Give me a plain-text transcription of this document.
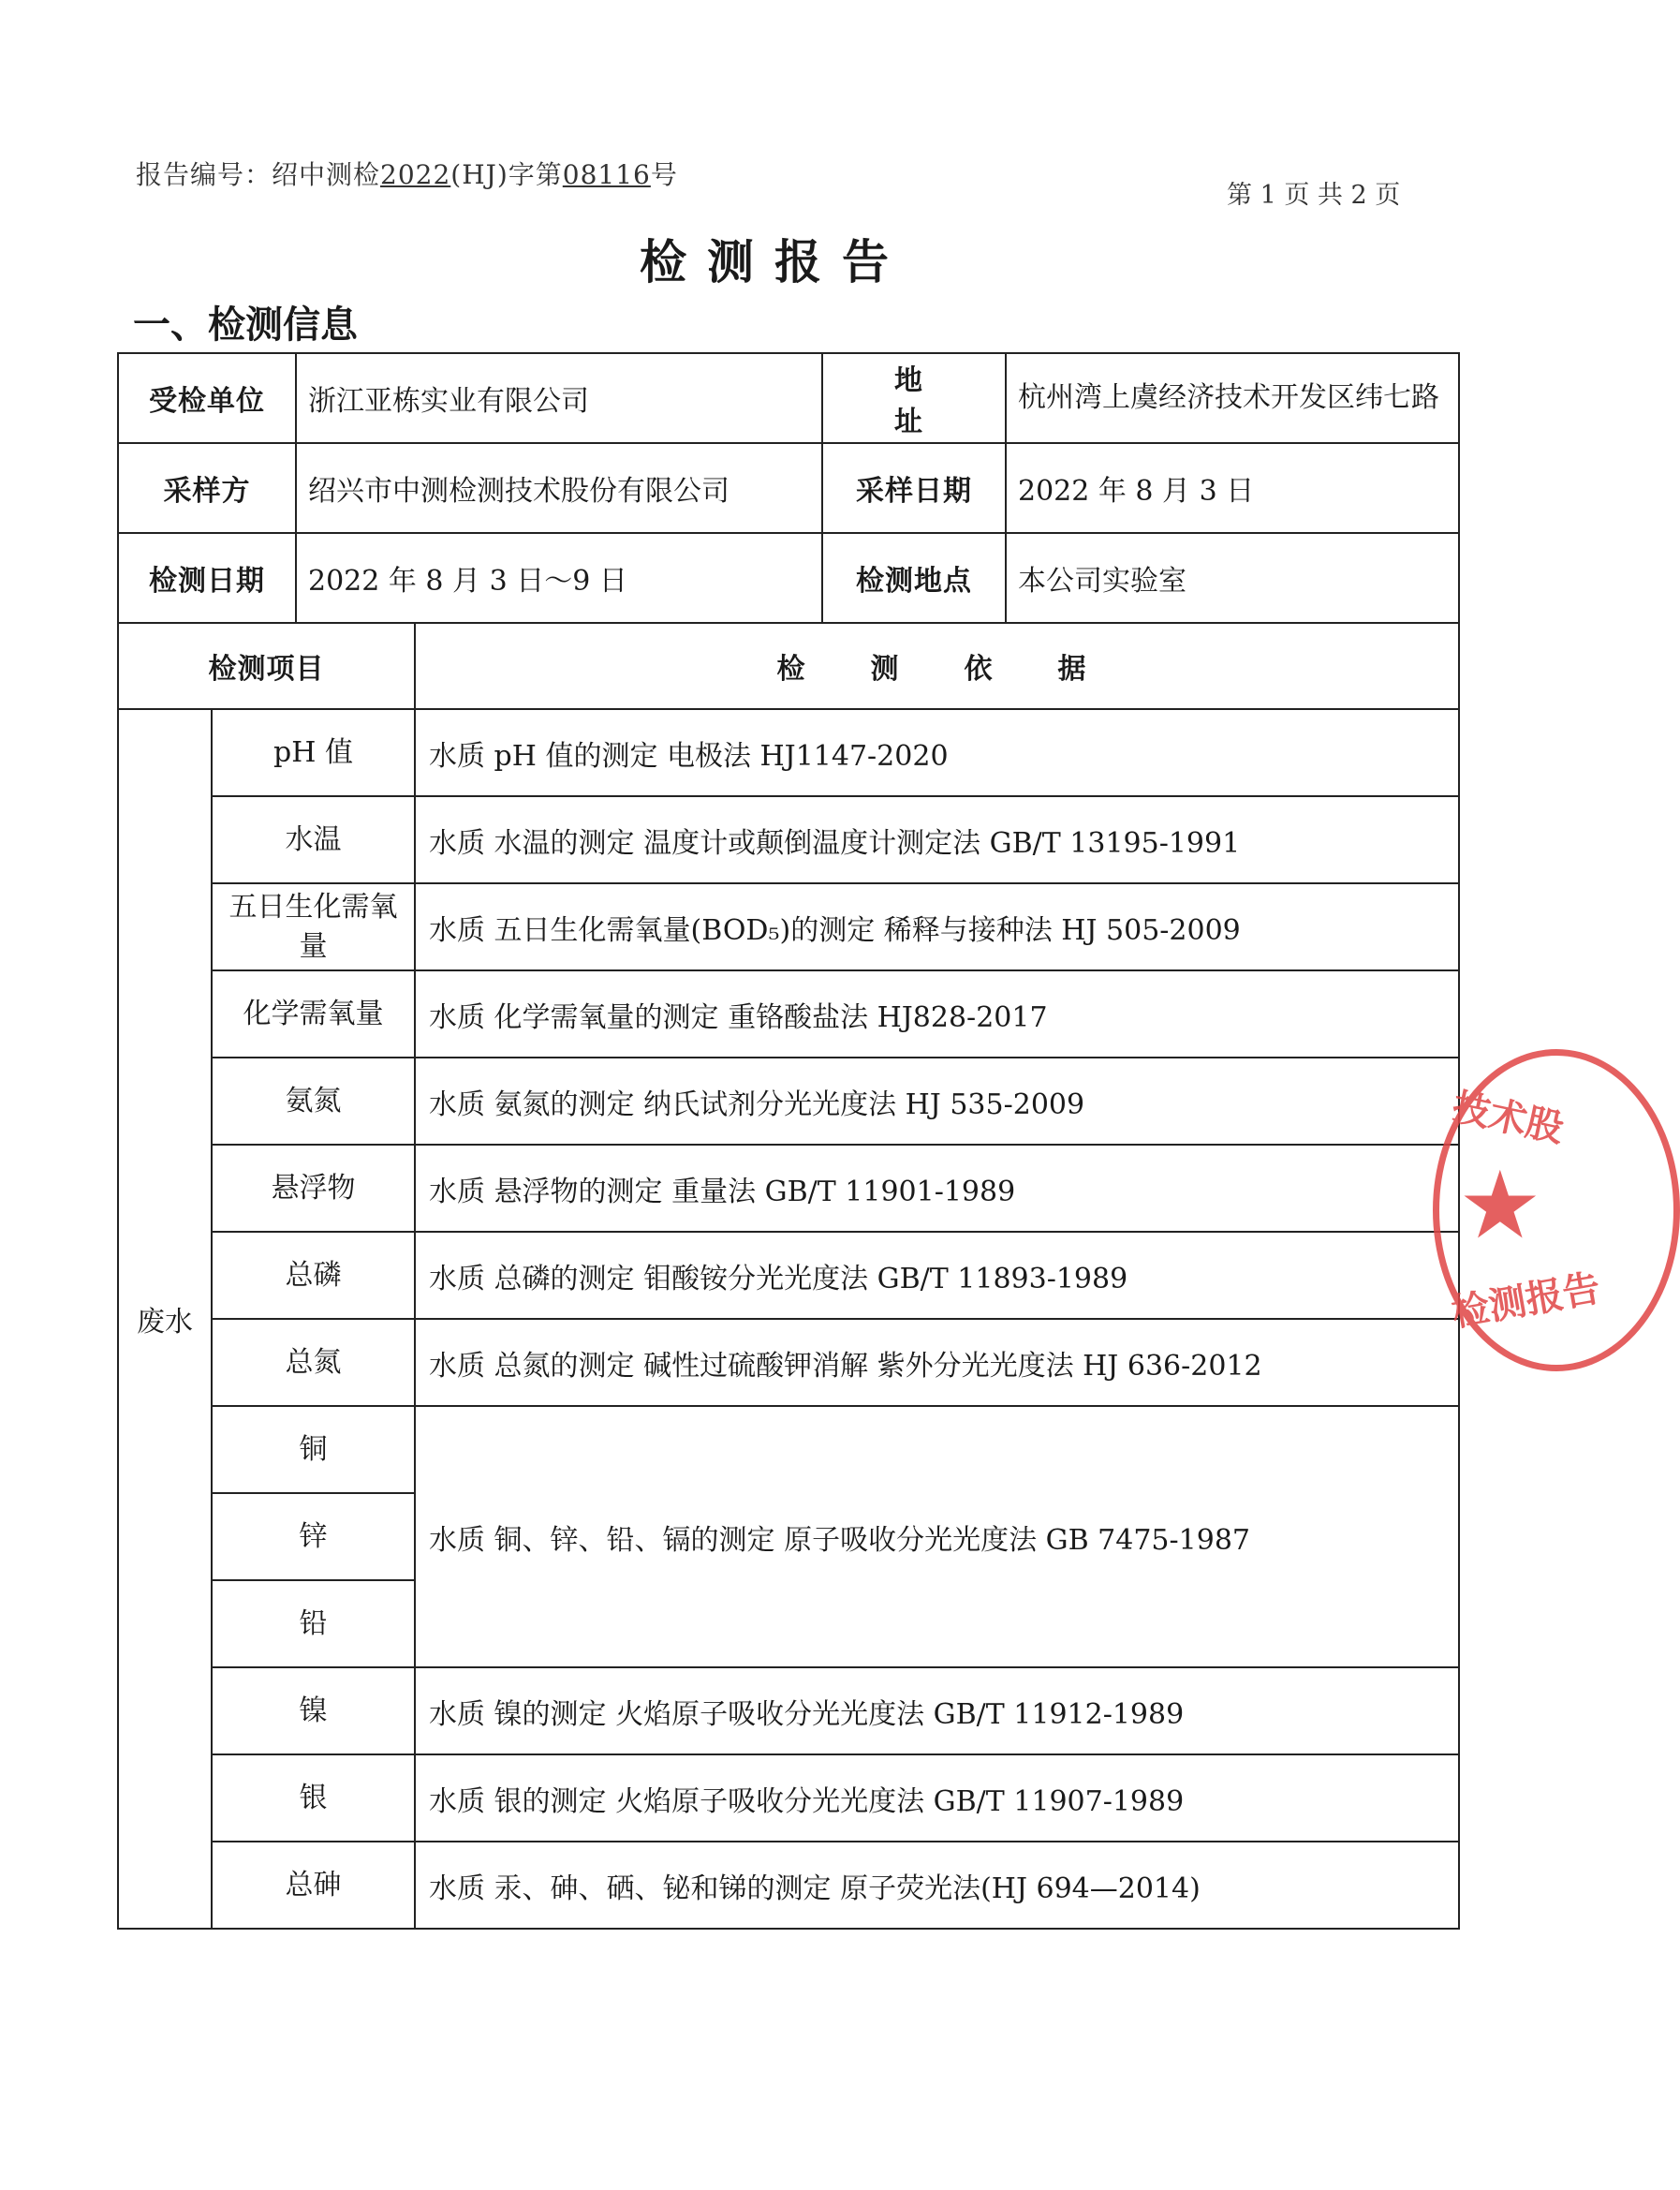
报告编号：绍中测检2022(HJ)字第08116号
第 1 页 共 2 页
检测报告
一、检测信息
受检单位	浙江亚栋实业有限公司	地 址	杭州湾上虞经济技术开发区纬七路
采样方	绍兴市中测检测技术股份有限公司	采样日期	2022 年 8 月 3 日
检测日期	2022 年 8 月 3 日～9 日	检测地点	本公司实验室
检测项目		检测依据
废水	pH 值	水质 pH 值的测定 电极法 HJ1147-2020
	水温	水质 水温的测定 温度计或颠倒温度计测定法 GB/T 13195-1991
	五日生化需氧量	水质 五日生化需氧量(BOD₅)的测定 稀释与接种法 HJ 505-2009
	化学需氧量	水质 化学需氧量的测定 重铬酸盐法 HJ828-2017
	氨氮	水质 氨氮的测定 纳氏试剂分光光度法 HJ 535-2009
	悬浮物	水质 悬浮物的测定 重量法 GB/T 11901-1989
	总磷	水质 总磷的测定 钼酸铵分光光度法 GB/T 11893-1989
	总氮	水质 总氮的测定 碱性过硫酸钾消解 紫外分光光度法 HJ 636-2012
	铜	水质 铜、锌、铅、镉的测定 原子吸收分光光度法 GB 7475-1987
	锌	
	铅	
	镍	水质 镍的测定 火焰原子吸收分光光度法 GB/T 11912-1989
	银	水质 银的测定 火焰原子吸收分光光度法 GB/T 11907-1989
	总砷	水质 汞、砷、硒、铋和锑的测定 原子荧光法(HJ 694—2014)
技术股
★
检测报告
